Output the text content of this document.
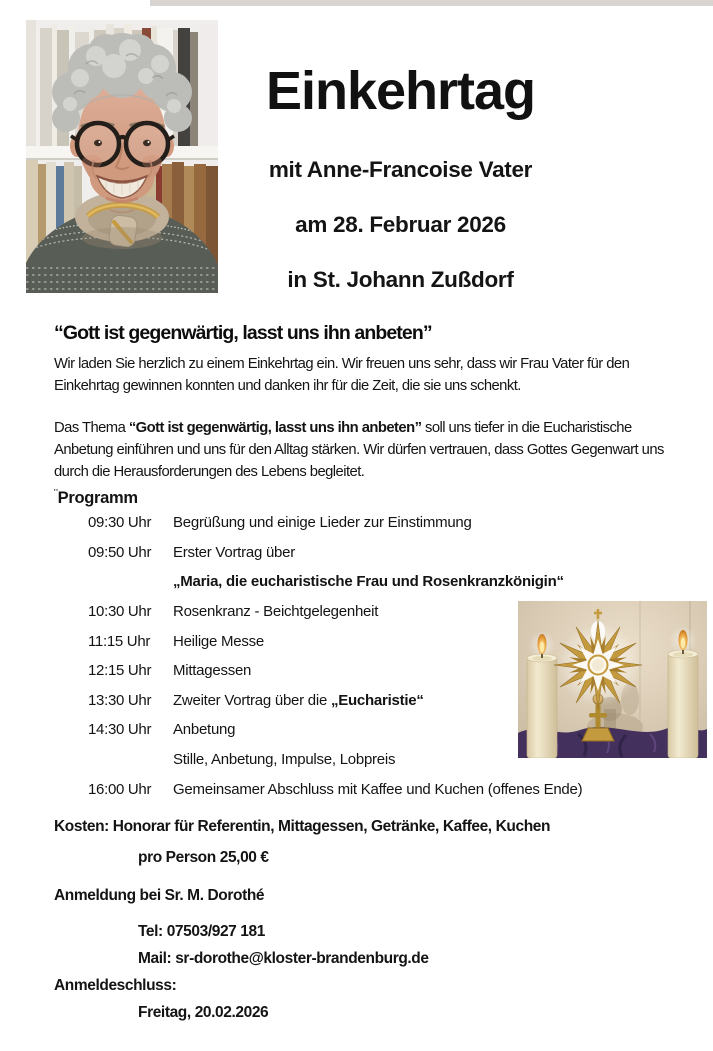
Einkehrtag
mit Anne-Francoise Vater
am 28. Februar 2026
in St. Johann Zußdorf
“Gott ist gegenwärtig, lasst uns ihn anbeten”
Wir laden Sie herzlich zu einem Einkehrtag ein. Wir freuen uns sehr, dass wir Frau Vater für den
Einkehrtag gewinnen konnten und danken ihr für die Zeit, die sie uns schenkt.
Das Thema “Gott ist gegenwärtig, lasst uns ihn anbeten” soll uns tiefer in die Eucharistische
Anbetung einführen und uns für den Alltag stärken. Wir dürfen vertrauen, dass Gottes Gegenwart uns
durch die Herausforderungen des Lebens begleitet.
¨Programm
09:30 Uhr Begrüßung und einige Lieder zur Einstimmung
09:50 Uhr Erster Vortrag über
„Maria, die eucharistische Frau und Rosenkranzkönigin“
10:30 Uhr Rosenkranz - Beichtgelegenheit
11:15 Uhr Heilige Messe
12:15 Uhr Mittagessen
13:30 Uhr Zweiter Vortrag über die „Eucharistie“
14:30 Uhr Anbetung
Stille, Anbetung, Impulse, Lobpreis
16:00 Uhr Gemeinsamer Abschluss mit Kaffee und Kuchen (offenes Ende)
Kosten: Honorar für Referentin, Mittagessen, Getränke, Kaffee, Kuchen
pro Person 25,00 €
Anmeldung bei Sr. M. Dorothé
Tel: 07503/927 181
Mail: sr-dorothe@kloster-brandenburg.de
Anmeldeschluss:
Freitag, 20.02.2026
